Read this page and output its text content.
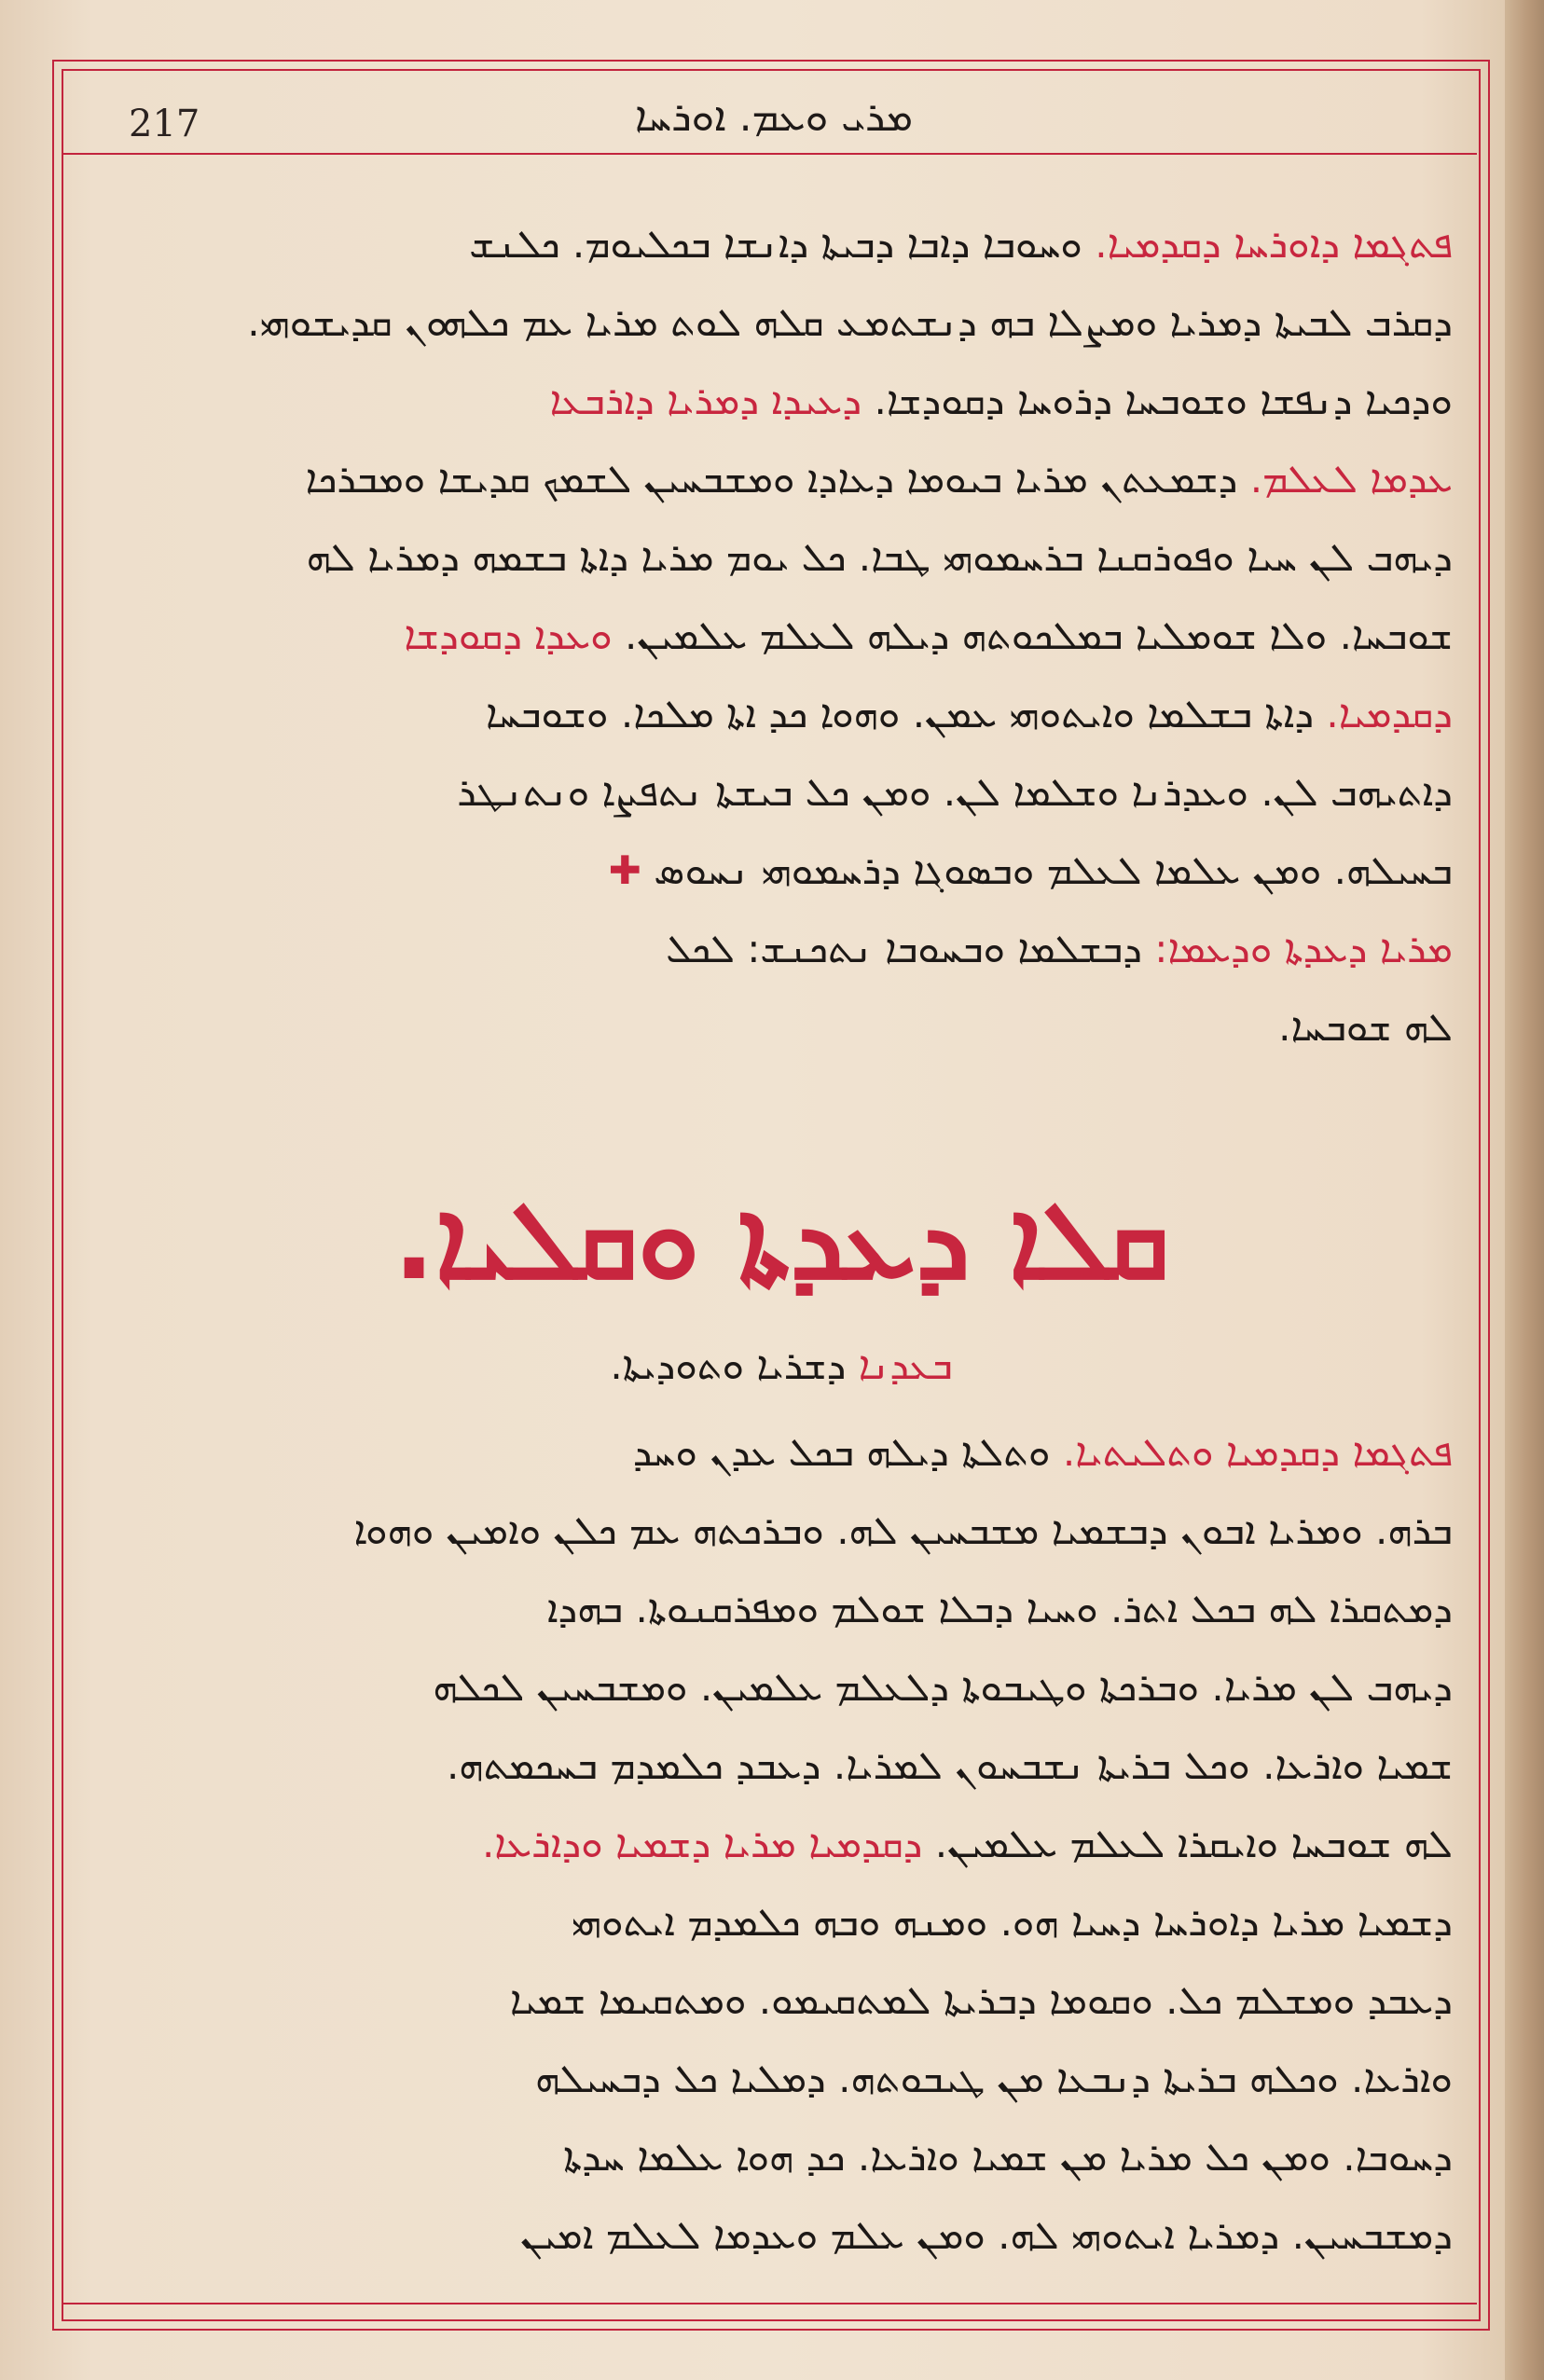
217	ܡܪܝ ܘܥܡ. ܐܘܪܚܐ
ܦܬܓܡܐ ܕܐܘܪܚܐ ܕܩܕܡܝܐ. ܘܚܘܒܐ ܕܐܒܐ ܕܒܝܬܐ ܕܐܢܫܐ ܒܟܠܝܘܡ. ܟܠܢܫ
ܕܩܪܒ ܠܒܝܬܐ ܕܡܪܝܐ ܘܡܨܠܐ ܒܗ ܕܢܫܬܡܥ ܩܠܗ ܠܘܬ ܡܪܝܐ ܥܡ ܟܠܗܘܢ ܩܕܝܫܘܗܝ.
ܘܕܟܝܐ ܕܢܦܫܐ ܘܫܘܒܚܐ ܕܪܘܚܐ ܕܩܘܕܫܐ. ܕܥܝܕܐ ܕܡܪܝܐ ܕܐܪܒܥܐ
ܥܕܡܐ ܠܥܠܡ. ܕܫܡܥܬܢ ܡܪܝܐ ܒܝܘܡܐ ܕܥܐܕܐ ܘܡܫܒܚܝܢ ܠܫܡܟ ܩܕܝܫܐ ܘܡܒܪܟܐ
ܕܝܗܒ ܠܢ ܚܝܐ ܘܦܘܪܩܢܐ ܒܪܚܡܘܗܝ ܛܒܐ. ܟܠ ܝܘܡ ܡܪܝܐ ܕܐܬܐ ܒܫܡܗ ܕܡܪܝܐ ܠܗ
ܫܘܒܚܐ. ܘܠܐ ܫܘܡܠܝܐ ܒܡܠܟܘܬܗ ܕܝܠܗ ܠܥܠܡ ܥܠܡܝܢ. ܘܥܕܐ ܕܩܘܕܫܐ
ܕܩܕܡܝܐ. ܕܐܬܐ ܒܫܠܡܐ ܘܐܝܬܘܗܝ ܥܡܢ. ܘܗܘܐ ܟܕ ܐܬܐ ܡܠܟܐ. ܘܫܘܒܚܐ
ܕܐܬܝܗܒ ܠܢ. ܘܥܕܪܢܐ ܘܫܠܡܐ ܠܢ. ܘܡܢ ܟܠ ܒܝܫܬܐ ܢܬܦܨܐ ܘܢܬܢܛܪ
ܒܚܝܠܗ. ܘܡܢ ܥܠܡܐ ܠܥܠܡ ܘܒܣܘܓܐ ܕܪܚܡܘܗܝ ܢܚܘܣ ✚
ܡܪܝܐ ܕܥܕܬܐ ܘܕܥܡܐ: ܕܒܫܠܡܐ ܘܒܚܘܒܐ ܢܬܟܢܫ: ܠܟܠ
ܠܗ ܫܘܒܚܐ.
ܩܠܐ ܕܥܕܬܐ ܘܩܠܝܐ.
ܒܥܕܢܐ ܕܫܪܝܐ ܘܬܘܕܝܬܐ.
ܦܬܓܡܐ ܕܩܕܡܝܐ ܘܬܠܝܬܝܐ. ܘܬܠܬܐ ܕܝܠܗ ܒܟܠ ܥܕܢ ܘܚܕ
ܒܪܗ. ܘܡܪܝܐ ܐܒܘܢ ܕܒܫܡܝܐ ܡܫܒܚܝܢ ܠܗ. ܘܒܪܟܬܗ ܥܡ ܟܠܢ ܘܐܡܝܢ ܘܗܘܐ
ܕܡܬܩܪܐ ܠܗ ܒܟܠ ܐܬܪ. ܘܚܝܐ ܕܒܠܐ ܫܘܠܡ ܘܡܦܪܩܢܘܬܐ. ܒܗܕܐ
ܕܝܗܒ ܠܢ ܡܪܝܐ. ܘܒܪܟܬܐ ܘܛܝܒܘܬܐ ܕܠܥܠܡ ܥܠܡܝܢ. ܘܡܫܒܚܝܢ ܠܟܠܗ
ܫܡܝܐ ܘܐܪܥܐ. ܘܟܠ ܒܪܝܬܐ ܢܫܒܚܘܢ ܠܡܪܝܐ. ܕܥܒܕ ܟܠܡܕܡ ܒܚܟܡܬܗ.
ܠܗ ܫܘܒܚܐ ܘܐܝܩܪܐ ܠܥܠܡ ܥܠܡܝܢ. ܕܩܕܡܝܐ ܡܪܝܐ ܕܫܡܝܐ ܘܕܐܪܥܐ.
ܕܫܡܝܐ ܡܪܝܐ ܕܐܘܪܚܐ ܕܚܝܐ ܗܘ. ܘܡܢܗ ܘܒܗ ܟܠܡܕܡ ܐܝܬܘܗܝ
ܕܥܒܕ ܘܡܫܠܡ ܟܠ. ܘܩܘܡܐ ܕܒܪܝܬܐ ܠܡܬܩܝܡܘ. ܘܡܬܩܝܡܐ ܫܡܝܐ
ܘܐܪܥܐ. ܘܟܠܗ ܒܪܝܬܐ ܕܢܒܥܐ ܡܢ ܛܝܒܘܬܗ. ܕܡܠܝܐ ܟܠ ܕܒܚܝܠܗ
ܕܚܘܒܐ. ܘܡܢ ܟܠ ܡܪܝܐ ܡܢ ܫܡܝܐ ܘܐܪܥܐ. ܟܕ ܗܘܐ ܥܠܡܐ ܚܕܬܐ
ܕܡܫܒܚܝܢ. ܕܡܪܝܐ ܐܝܬܘܗܝ ܠܗ. ܘܡܢ ܥܠܡ ܘܥܕܡܐ ܠܥܠܡ ܐܡܝܢ
